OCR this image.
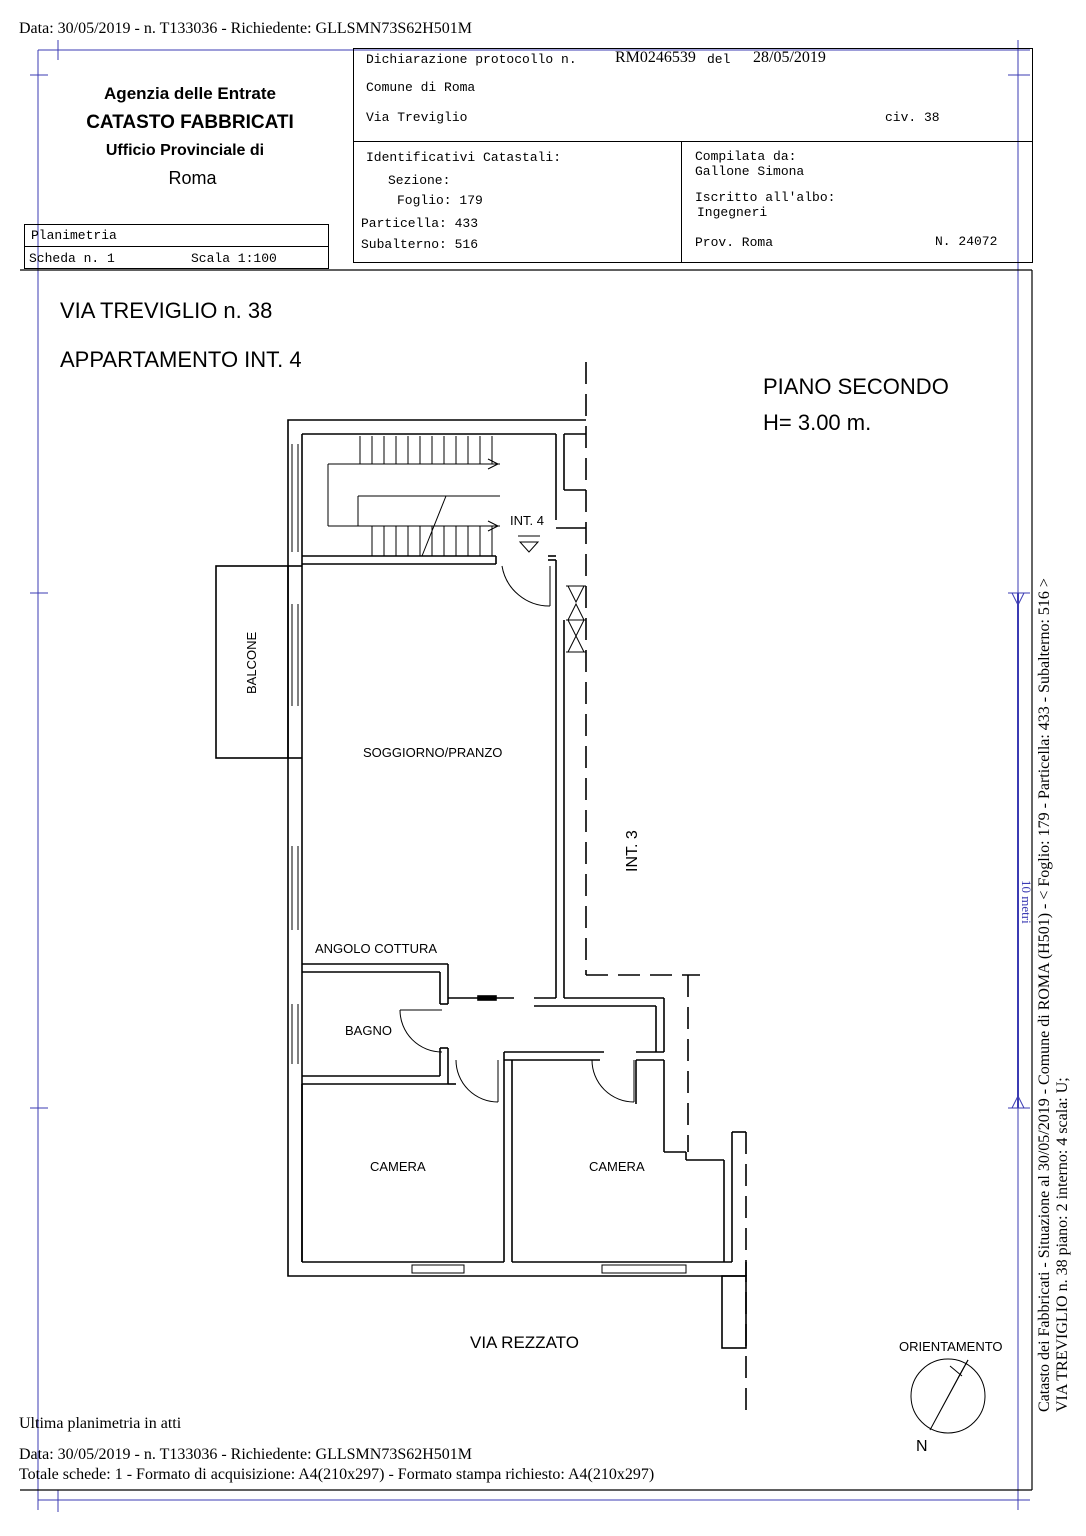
Data: 30/05/2019 - n. T133036 - Richiedente: GLLSMN73S62H501M
Agenzia delle Entrate
CATASTO FABBRICATI
Ufficio Provinciale di
Roma
Planimetria
Scheda n. 1	Scala 1:100
Dichiarazione protocollo n. RM0246539 del 28/05/2019
Comune di Roma
Via Treviglio	civ. 38
Identificativi Catastali:
Sezione:
Foglio: 179
Particella: 433
Subalterno: 516
Compilata da:
Gallone Simona
Iscritto all'albo:
Ingegneri
Prov. Roma	N. 24072
VIA TREVIGLIO n. 38
APPARTAMENTO INT. 4
PIANO SECONDO
H= 3.00 m.
INT. 4
BALCONE
SOGGIORNO/PRANZO
INT. 3
ANGOLO COTTURA
BAGNO
CAMERA	CAMERA
VIA REZZATO	ORIENTAMENTO
N
Catasto dei Fabbricati - Situazione al 30/05/2019 - Comune di ROMA (H501) - < Foglio: 179 - Particella: 433 - Subalterno: 516 > VIA TREVIGLIO n. 38 piano: 2 interno: 4 scala: U;
10 metri
Ultima planimetria in atti
Data: 30/05/2019 - n. T133036 - Richiedente: GLLSMN73S62H501M
Totale schede: 1 - Formato di acquisizione: A4(210x297) - Formato stampa richiesto: A4(210x297)
